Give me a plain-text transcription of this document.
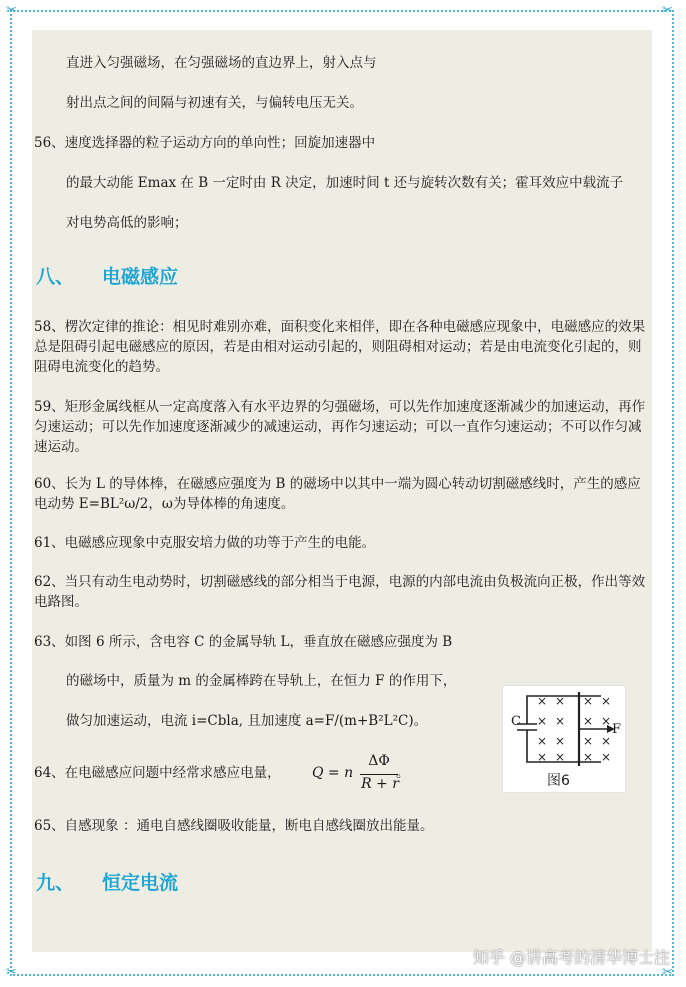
✂	✂
✂	✂
直进入匀强磁场，在匀强磁场的直边界上，射入点与
射出点之间的间隔与初速有关，与偏转电压无关。
56、速度选择器的粒子运动方向的单向性；回旋加速器中
的最大动能 Emax 在 B 一定时由 R 决定，加速时间 t 还与旋转次数有关；霍耳效应中载流子
对电势高低的影响；
八、 电磁感应
58、楞次定律的推论：相见时难别亦难，面积变化来相伴，即在各种电磁感应现象中，电磁感应的效果总是阻碍引起电磁感应的原因，若是由相对运动引起的，则阻碍相对运动；若是由电流变化引起的，则阻碍电流变化的趋势。
59、矩形金属线框从一定高度落入有水平边界的匀强磁场，可以先作加速度逐渐减少的加速运动，再作匀速运动；可以先作加速度逐渐减少的减速运动，再作匀速运动；可以一直作匀速运动；不可以作匀减速运动。
60、长为 L 的导体棒，在磁感应强度为 B 的磁场中以其中一端为圆心转动切割磁感线时，产生的感应电动势 E=BL²ω/2，ω为导体棒的角速度。
61、电磁感应现象中克服安培力做的功等于产生的电能。
62、当只有动生电动势时，切割磁感线的部分相当于电源，电源的内部电流由负极流向正极，作出等效电路图。
63、如图 6 所示，含电容 C 的金属导轨 L，垂直放在磁感应强度为 B
的磁场中，质量为 m 的金属棒跨在导轨上，在恒力 F 的作用下，
做匀加速运动，电流 i=Cbla, 且加速度 a=F/(m+B²L²C)。
64、在电磁感应问题中经常求感应电量， Q = n
ΔΦ
R + r
。
65、自感现象 ：通电自感线圈吸收能量，断电自感线圈放出能量。
C
F
× × × ×
× × × ×
× × × ×
× × × ×
图6
九、 恒定电流
知乎 @讲高考的清华博士注
